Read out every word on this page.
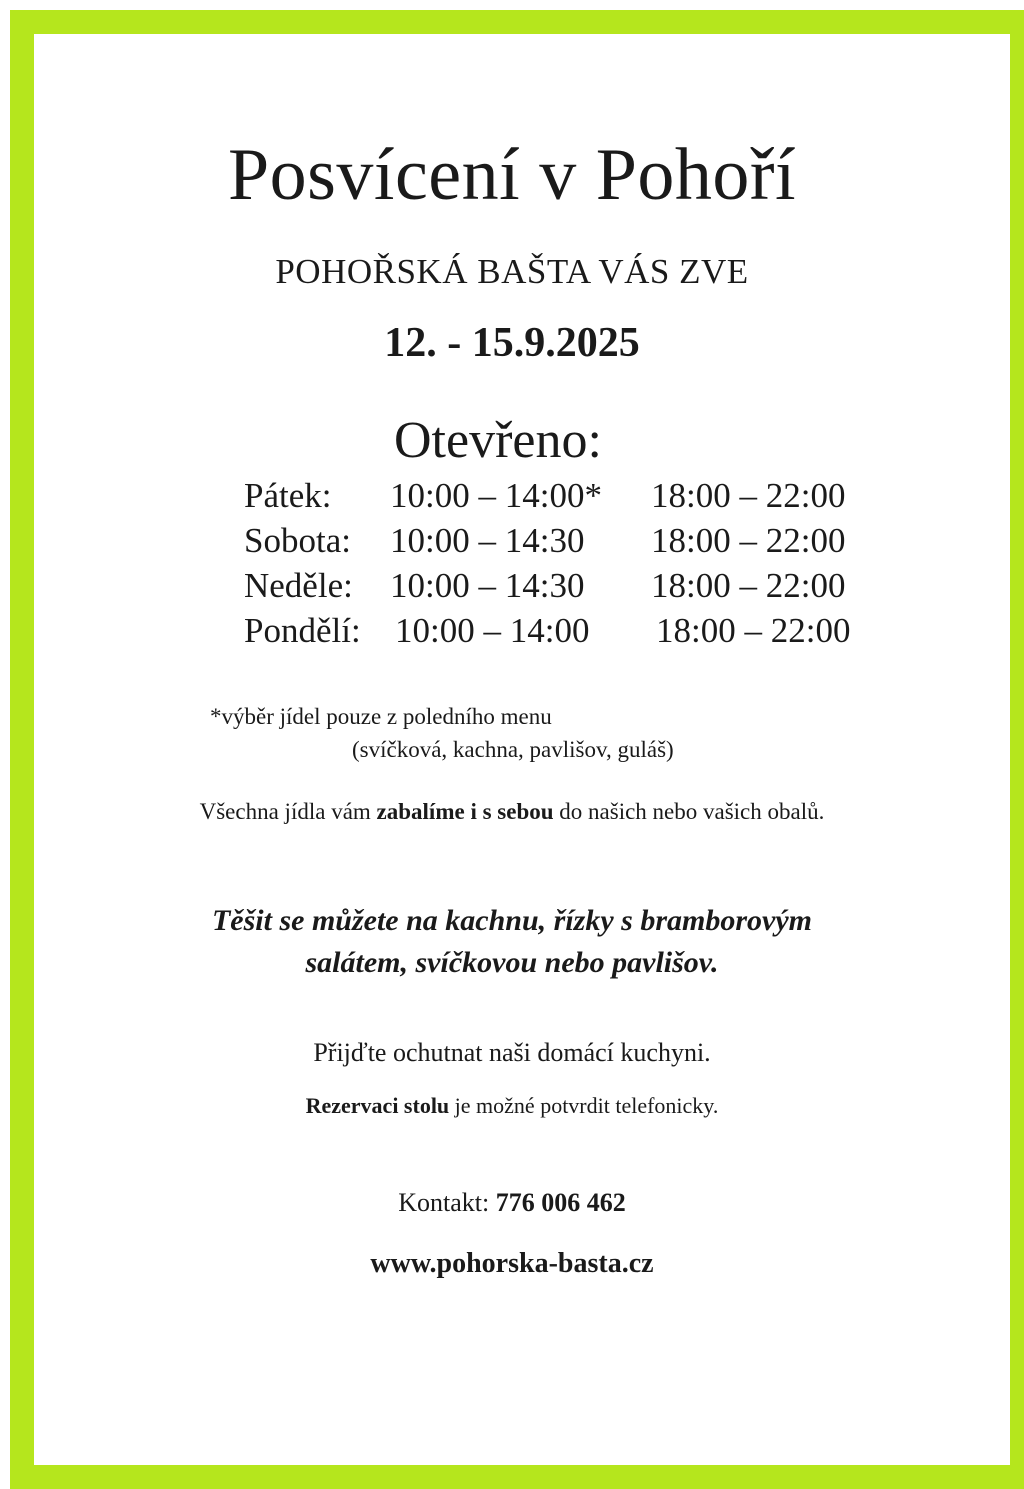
Posvícení v Pohoří
POHOŘSKÁ BAŠTA VÁS ZVE
12. - 15.9.2025
Otevřeno:
Pátek: 10:00 – 14:00* 18:00 – 22:00
Sobota: 10:00 – 14:30 18:00 – 22:00
Neděle: 10:00 – 14:30 18:00 – 22:00
Pondělí: 10:00 – 14:00 18:00 – 22:00
*výběr jídel pouze z poledního menu
(svíčková, kachna, pavlišov, guláš)
Všechna jídla vám zabalíme i s sebou do našich nebo vašich obalů.
Těšit se můžete na kachnu, řízky s bramborovým
salátem, svíčkovou nebo pavlišov.
Přijďte ochutnat naši domácí kuchyni.
Rezervaci stolu je možné potvrdit telefonicky.
Kontakt: 776 006 462
www.pohorska-basta.cz
